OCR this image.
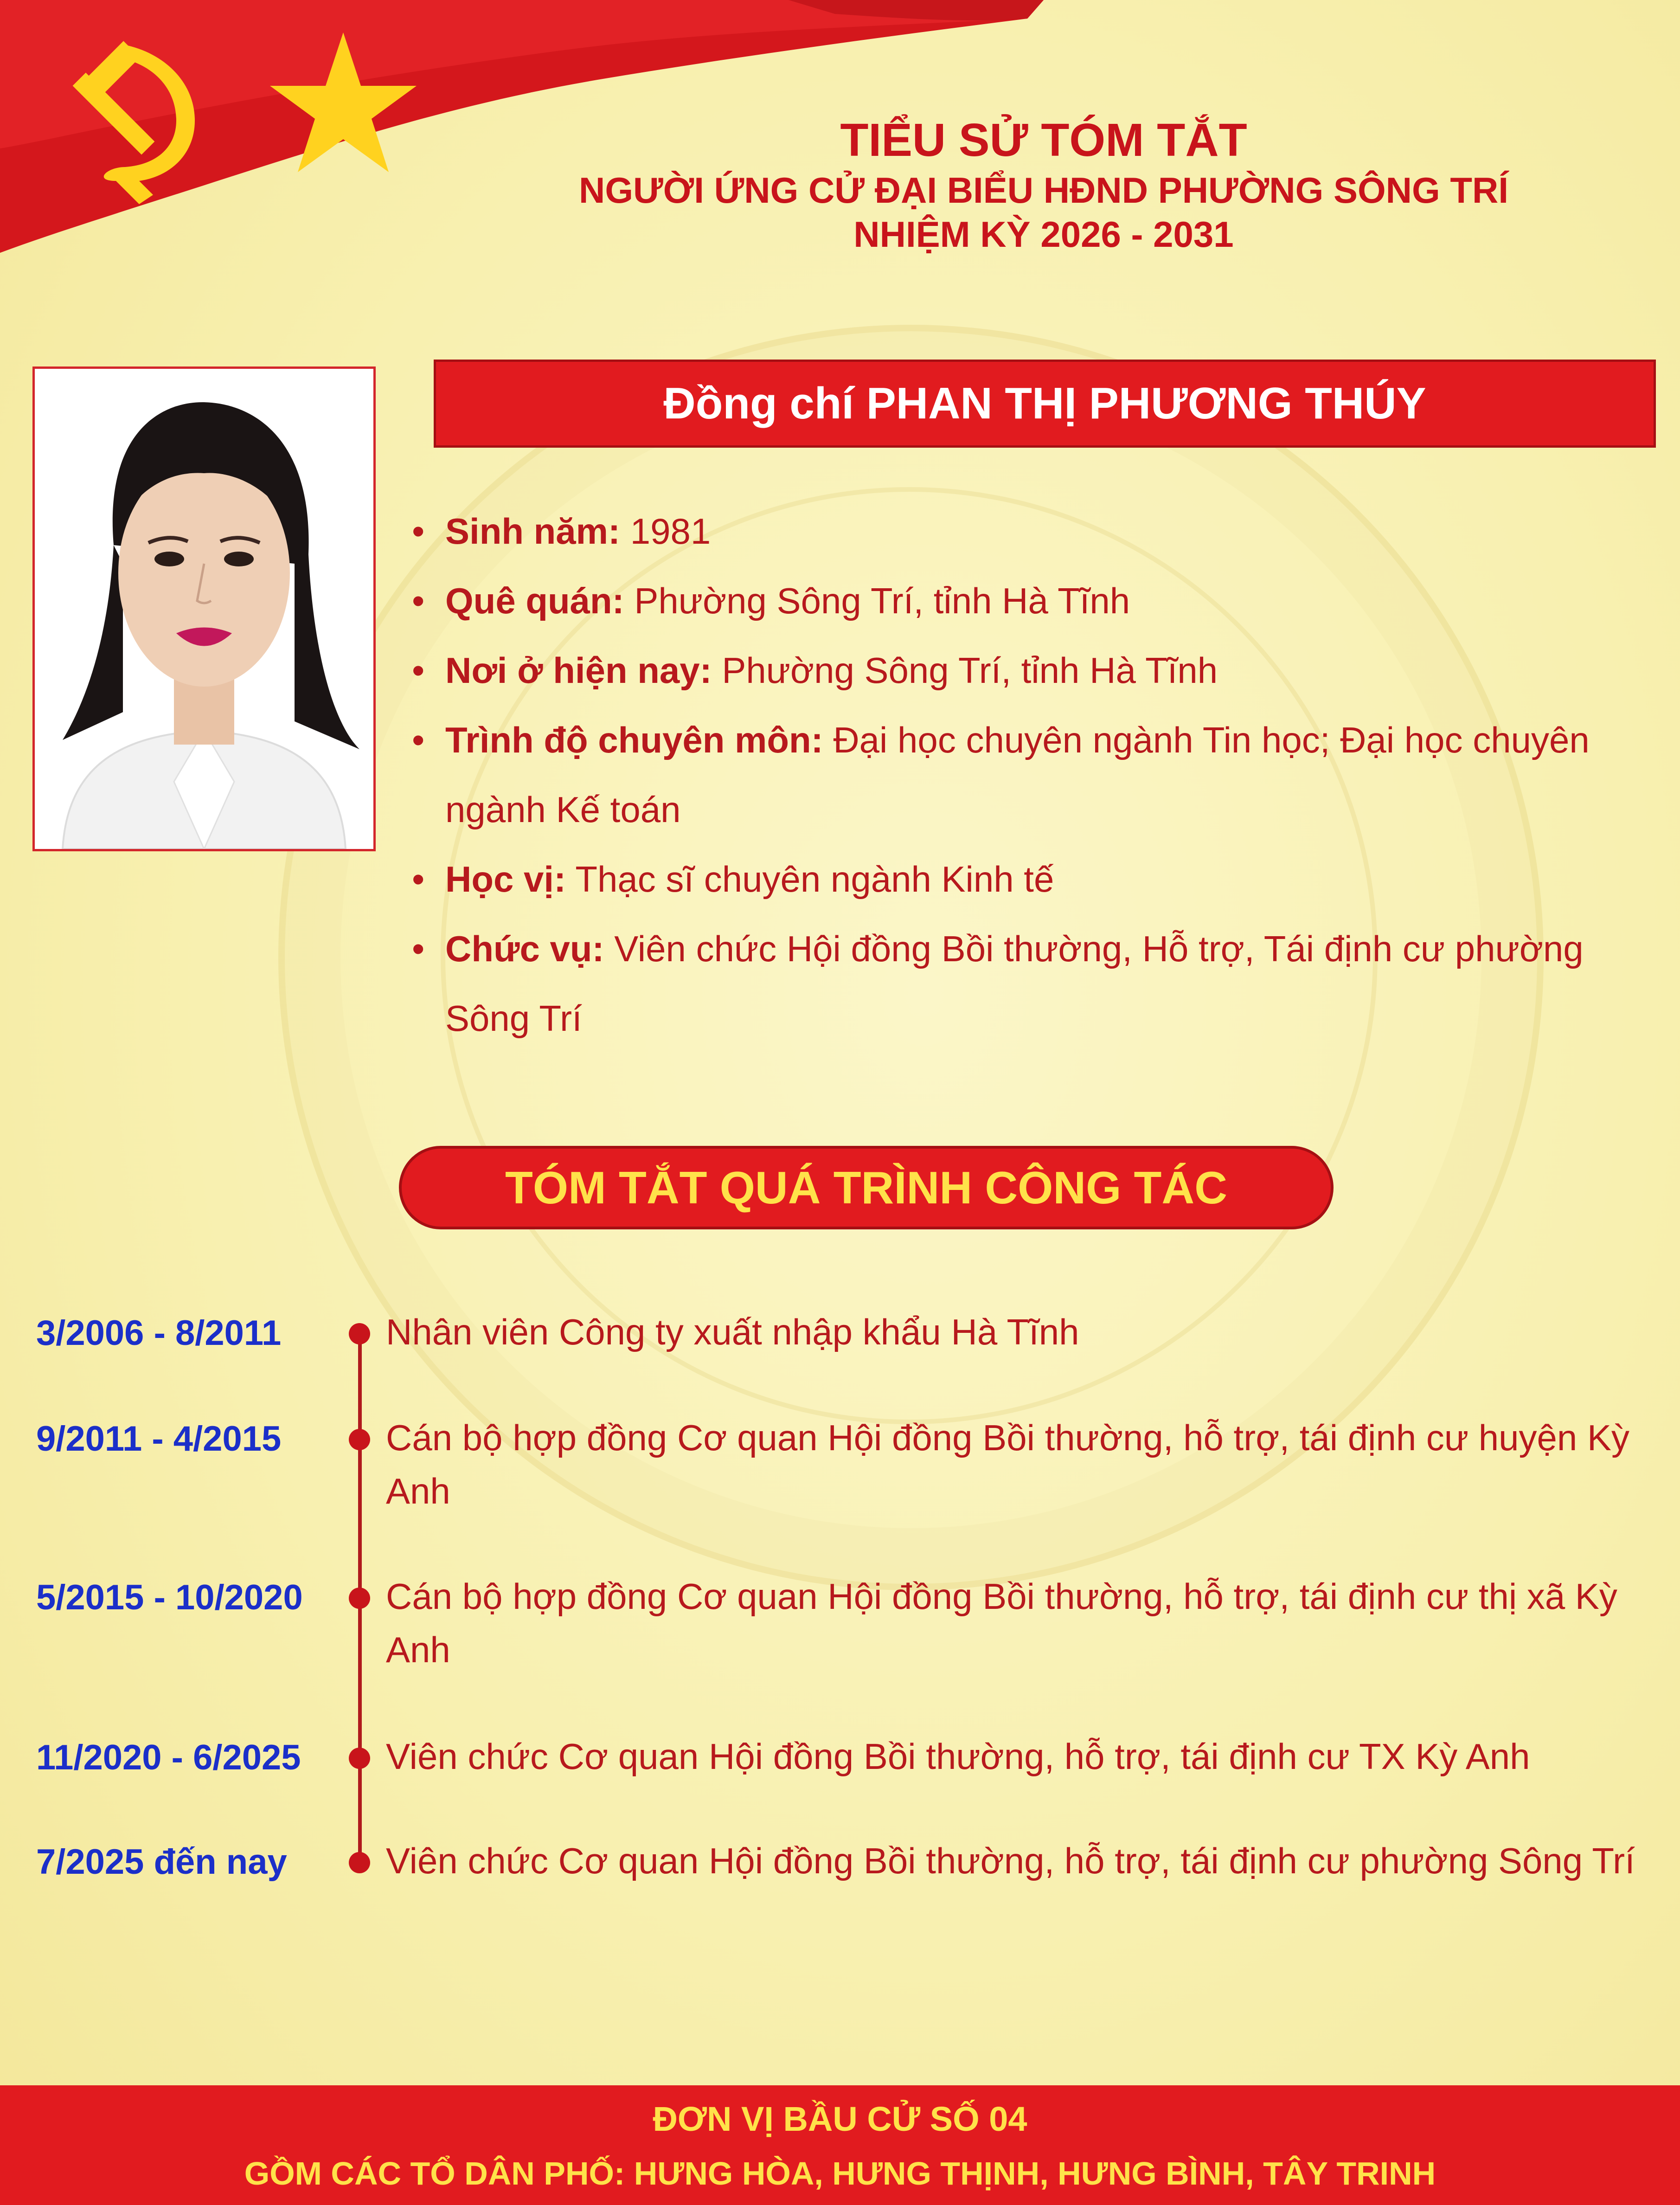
TIỂU SỬ TÓM TẮT
NGƯỜI ỨNG CỬ ĐẠI BIỂU HĐND PHƯỜNG SÔNG TRÍ
NHIỆM KỲ 2026 - 2031
Đồng chí PHAN THỊ PHƯƠNG THÚY
• Sinh năm: 1981
• Quê quán: Phường Sông Trí, tỉnh Hà Tĩnh
• Nơi ở hiện nay: Phường Sông Trí, tỉnh Hà Tĩnh
• Trình độ chuyên môn: Đại học chuyên ngành Tin học; Đại học chuyên ngành Kế toán
• Học vị: Thạc sĩ chuyên ngành Kinh tế
• Chức vụ: Viên chức Hội đồng Bồi thường, Hỗ trợ, Tái định cư phường Sông Trí
TÓM TẮT QUÁ TRÌNH CÔNG TÁC
3/2006 - 8/2011	Nhân viên Công ty xuất nhập khẩu Hà Tĩnh
9/2011 - 4/2015	Cán bộ hợp đồng Cơ quan Hội đồng Bồi thường, hỗ trợ, tái định cư huyện Kỳ Anh
5/2015 - 10/2020 Cán bộ hợp đồng Cơ quan Hội đồng Bồi thường, hỗ trợ, tái định cư thị xã Kỳ Anh
11/2020 - 6/2025 Viên chức Cơ quan Hội đồng Bồi thường, hỗ trợ, tái định cư TX Kỳ Anh
7/2025 đến nay	Viên chức Cơ quan Hội đồng Bồi thường, hỗ trợ, tái định cư phường Sông Trí
ĐƠN VỊ BẦU CỬ SỐ 04
GỒM CÁC TỔ DÂN PHỐ: HƯNG HÒA, HƯNG THỊNH, HƯNG BÌNH, TÂY TRINH
